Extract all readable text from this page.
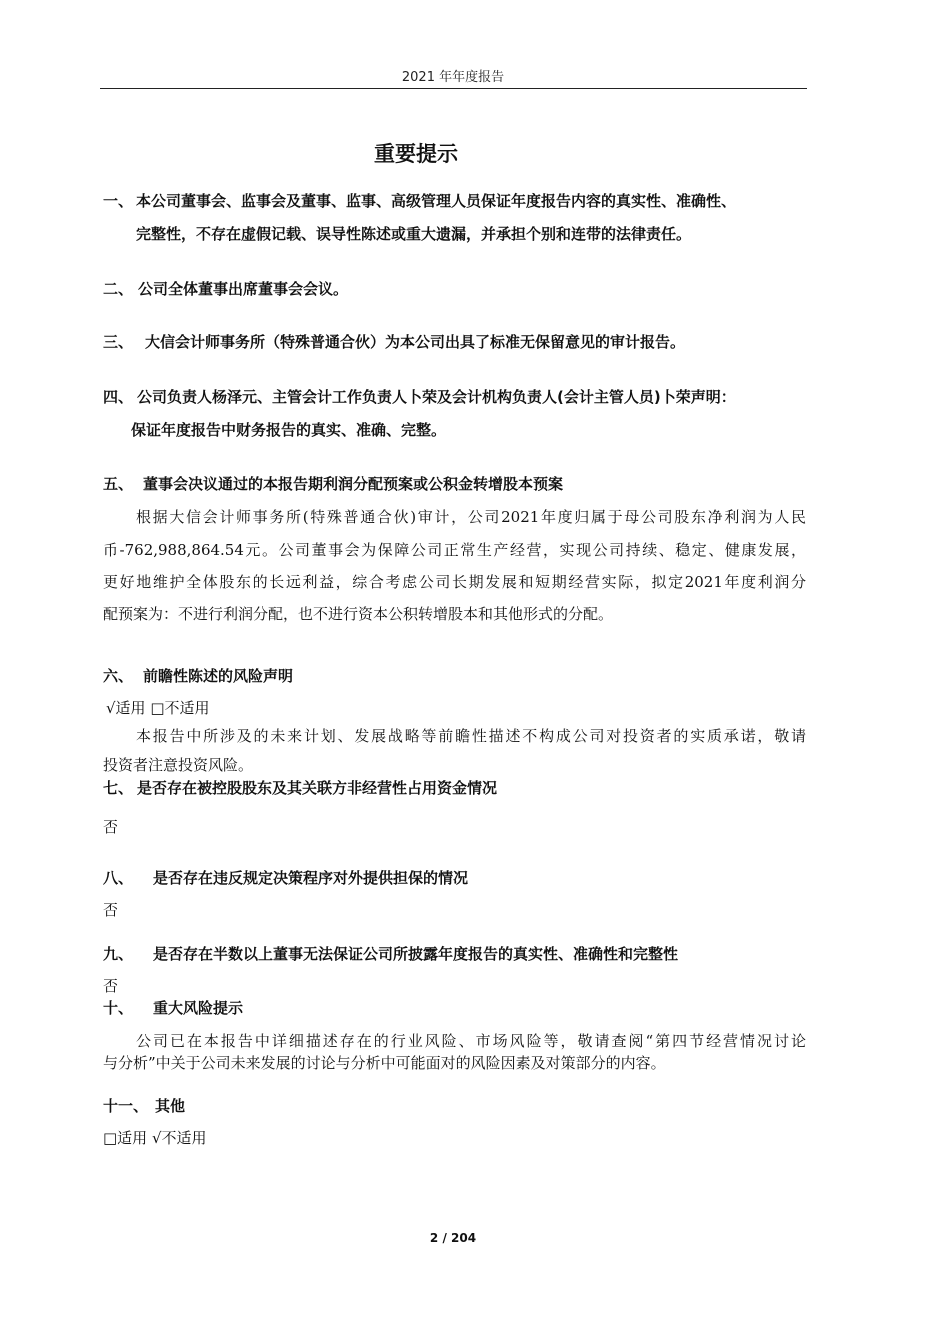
2021 年年度报告
重要提示
一、 本公司董事会、监事会及董事、监事、高级管理人员保证年度报告内容的真实性、准确性、
完整性，不存在虚假记载、误导性陈述或重大遗漏，并承担个别和连带的法律责任。
二、 公司全体董事出席董事会会议。
三、 大信会计师事务所（特殊普通合伙）为本公司出具了标准无保留意见的审计报告。
四、 公司负责人杨泽元、主管会计工作负责人卜荣及会计机构负责人(会计主管人员)卜荣声明：
保证年度报告中财务报告的真实、准确、完整。
五、 董事会决议通过的本报告期利润分配预案或公积金转增股本预案
根据大信会计师事务所(特殊普通合伙)审计，公司2021年度归属于母公司股东净利润为人民
币-762,988,864.54元。公司董事会为保障公司正常生产经营，实现公司持续、稳定、健康发展，
更好地维护全体股东的长远利益，综合考虑公司长期发展和短期经营实际，拟定2021年度利润分
配预案为：不进行利润分配，也不进行资本公积转增股本和其他形式的分配。
六、 前瞻性陈述的风险声明
√适用 □不适用
本报告中所涉及的未来计划、发展战略等前瞻性描述不构成公司对投资者的实质承诺，敬请
投资者注意投资风险。
七、 是否存在被控股股东及其关联方非经营性占用资金情况
否
八、 是否存在违反规定决策程序对外提供担保的情况
否
九、 是否存在半数以上董事无法保证公司所披露年度报告的真实性、准确性和完整性
否
十、 重大风险提示
公司已在本报告中详细描述存在的行业风险、市场风险等，敬请查阅“第四节经营情况讨论
与分析”中关于公司未来发展的讨论与分析中可能面对的风险因素及对策部分的内容。
十一、 其他
□适用 √不适用
2 / 204
